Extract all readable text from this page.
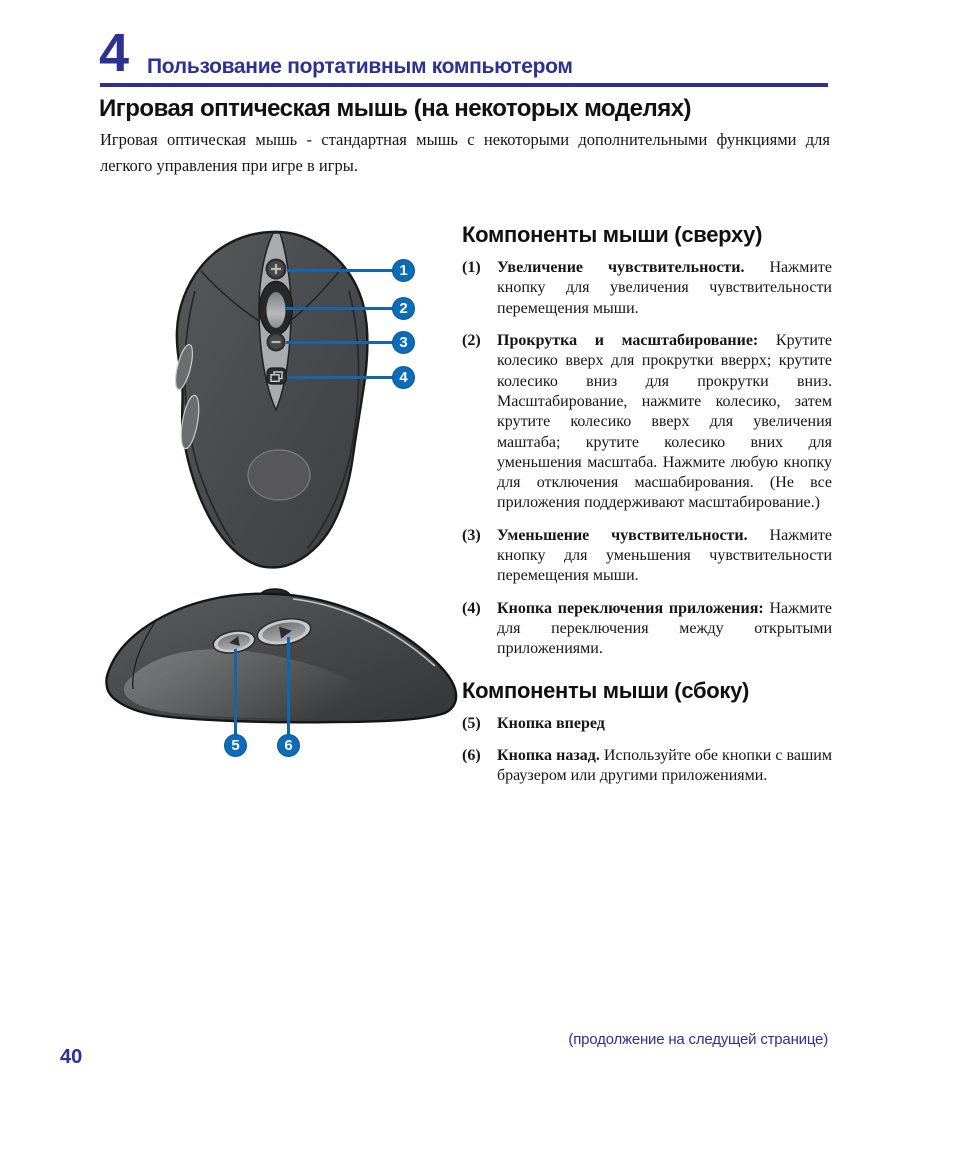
4 Пользование портативным компьютером
Игровая оптическая мышь (на некоторых моделях)
Игровая оптическая мышь - стандартная мышь с некоторыми дополнительными функциями для легкого управления при игре в игры.
1
2
3
4
5	6
Компоненты мыши (сверху)
(1)	Увеличение чувствительности. Нажмите кнопку для увеличения чувствительности перемещения мыши.
(2)	Прокрутка и масштабирование: Крутите колесико вверх для прокрутки вверрх; крутите колесико вниз для прокрутки вниз. Масштабирование, нажмите колесико, затем крутите колесико вверх для увеличения маштаба; крутите колесико вних для уменьшения масштаба. Нажмите любую кнопку для отключения масшабирования. (Не все приложения поддерживают масштабирование.)
(3)	Уменьшение чувствительности. Нажмите кнопку для уменьшения чувствительности перемещения мыши.
(4)	Кнопка переключения приложения: Нажмите для переключения между открытыми приложениями.
Компоненты мыши (сбоку)
(5)	Кнопка вперед
(6)	Кнопка назад. Используйте обе кнопки с вашим браузером или другими приложениями.
(продолжение на следущей странице)
40
